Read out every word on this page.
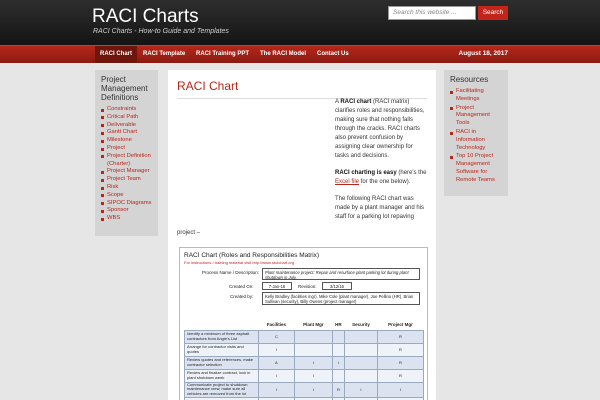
RACI Charts
RACI Charts - How-to Guide and Templates
Search this website ...	Search
RACI Chart	RACI Template	RACI Training PPT	The RACI Model	Contact Us	August 18, 2017
Project Management Definitions
Constraints
Critical Path
Deliverable
Gantt Chart
Milestone
Project
Project Definition (Charter)
Project Manager
Project Team
Risk
Scope
SIPOC Diagrams
Sponsor
WBS
RACI Chart

A RACI chart (RACI matrix) clarifies roles and responsibilities, making sure that nothing falls through the cracks. RACI charts also prevent confusion by assigning clear ownership for tasks and decisions.

RACI charting is easy (here's the Excel file for the one below).

The following RACI chart was made by a plant manager and his staff for a parking lot repaving

project –
RACI Chart (Roles and Responsibilities Matrix)
For instructions / training material visit http://www.racichart.org
Process Name / Description:	Plant maintenance project: Repair and resurface plant parking lot during plant shutdown in July.
Created On:	7-Jan-16	Revision:	3/12/16
Created by:	Kelly Bradley (facilities mgr), Mike Cole (plant manager), Joe Pellino (HR), Brian Sullivan (security), Billy Owens (project manager)
	Facilities	Plant Mgr	HR	Security	Project Mgr
Identify a minimum of three asphalt contractors from Angie's List	C				R
Arrange for contractor visits and quotes	I				R
Review quotes and references, make contractor selection	A	I	I		R
Review and finalize contract, lock in plant shutdown week	I	I			R
Communicate project to shutdown maintenance crew, make sure all vehicles are removed from the lot	I	I	R	I	I

Resources
Facilitating Meetings
Project Management Tools
RACI in Information Technology
Top 10 Project Management Software for Remote Teams
